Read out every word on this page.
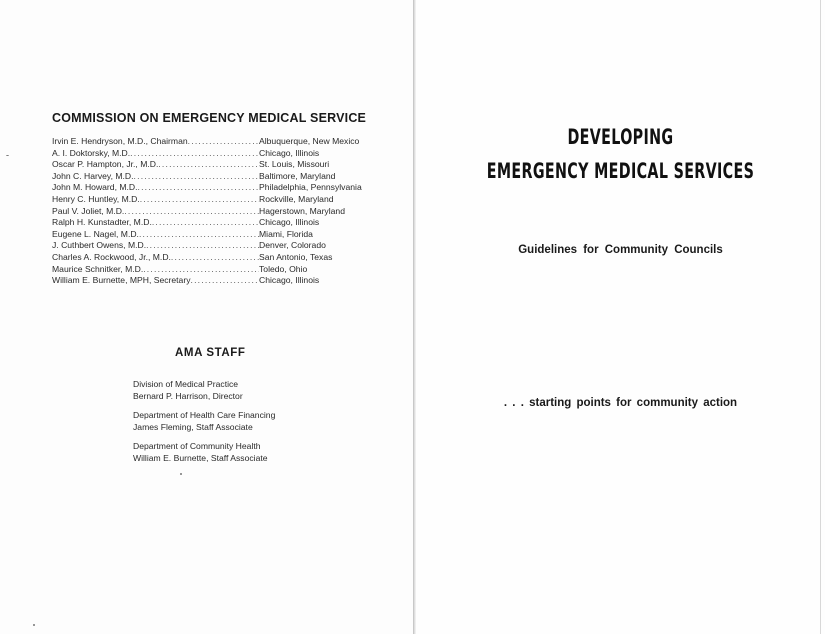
COMMISSION ON EMERGENCY MEDICAL SERVICE
Irvin E. Hendryson, M.D., Chairman .....	Albuquerque, New Mexico
A. I. Doktorsky, M.D. .....	Chicago, Illinois
Oscar P. Hampton, Jr., M.D. .....	St. Louis, Missouri
John C. Harvey, M.D. .....	Baltimore, Maryland
John M. Howard, M.D. .....	Philadelphia, Pennsylvania
Henry C. Huntley, M.D. .....	Rockville, Maryland
Paul V. Joliet, M.D. .....	Hagerstown, Maryland
Ralph H. Kunstadter, M.D. .....	Chicago, Illinois
Eugene L. Nagel, M.D. .....	Miami, Florida
J. Cuthbert Owens, M.D. .....	Denver, Colorado
Charles A. Rockwood, Jr., M.D. .....	San Antonio, Texas
Maurice Schnitker, M.D. .....	Toledo, Ohio
William E. Burnette, MPH, Secretary .....	Chicago, Illinois
AMA STAFF
Division of Medical Practice
Bernard P. Harrison, Director
Department of Health Care Financing
James Fleming, Staff Associate
Department of Community Health
William E. Burnette, Staff Associate
DEVELOPING
EMERGENCY MEDICAL SERVICES
Guidelines for Community Councils
. . . starting points for community action
